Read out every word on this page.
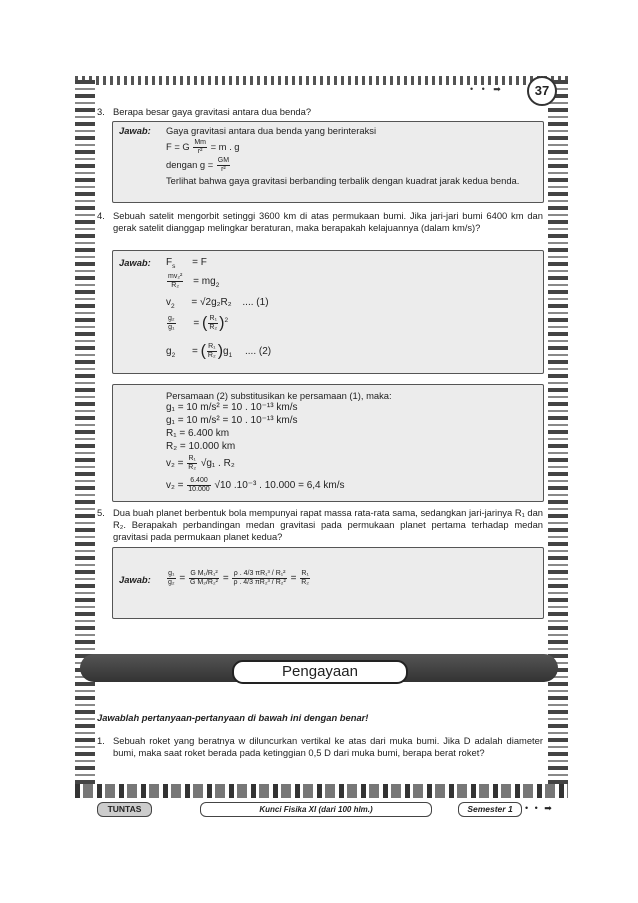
• • ➡	37
3. Berapa besar gaya gravitasi antara dua benda?
Jawab: Gaya gravitasi antara dua benda yang berinteraksi
F = G $\frac{Mm}{\text{r²}} = m$ . g
dengan $g = \frac{GM}{\text{r²}}$
Terlihat bahwa gaya gravitasi berbanding terbalik dengan kuadrat jarak kedua benda.
4. Sebuah satelit mengorbit setinggi 3600 km di atas permukaan bumi. Jika jari-jari bumi 6400 km dan gerak satelit dianggap melingkar beraturan, maka berapakah kelajuannya (dalam km/s)?
Jawab: $F_s = F$
$\frac{\text{mv₂²}}{\text{R₂}} = mg_2$
$v_2 = √2g_2R_2$ .... (1)
$\frac{\text{g₂}}{\text{g₁}}$ = ( $\frac{\text{R₁}}{\text{R₂}} )^2$
$g_2$ = ( $\frac{\text{R₁}}{\text{R₂}} )g_1$ .... (2)
Persamaan (2) substitusikan ke persamaan (1), maka:
g₁ = 10 m/s² = 10 . 10⁻¹³ km/s
g₁ = 10 m/s² = 10 . 10⁻¹³ km/s
R₁ = 6.400 km
R₂ = 10.000 km
$v_2 = \frac{\text{R₁}}{\text{R₂}} √g_1$ . R₂
$v_2 = \frac{6.400}{10.000} √10$ .10⁻³ . 10.000 = 6,4 km/s
5. Dua buah planet berbentuk bola mempunyai rapat massa rata-rata sama, sedangkan jari-jarinya R₁ dan R₂. Berapakah perbandingan medan gravitasi pada permukaan planet pertama terhadap medan gravitasi pada permukaan planet kedua?
Jawab: $\frac{\text{g₁}}{\text{g₂}} = \frac{\text{G M₁/R₁²}}{\text{G M₂/R₂²}} = \frac{\text{ρ . 4/3 πR₁³ / R₁²}}{\text{ρ . 4/3 πR₂³ / R₂²}} = \frac{\text{R₁}}{\text{R₂}}$
Pengayaan
Jawablah pertanyaan-pertanyaan di bawah ini dengan benar!
1. Sebuah roket yang beratnya w diluncurkan vertikal ke atas dari muka bumi. Jika D adalah diameter bumi, maka saat roket berada pada ketinggian 0,5 D dari muka bumi, berapa berat roket?
TUNTAS	Kunci Fisika XI (dari 100 hlm.)	Semester 1	• • ➡
